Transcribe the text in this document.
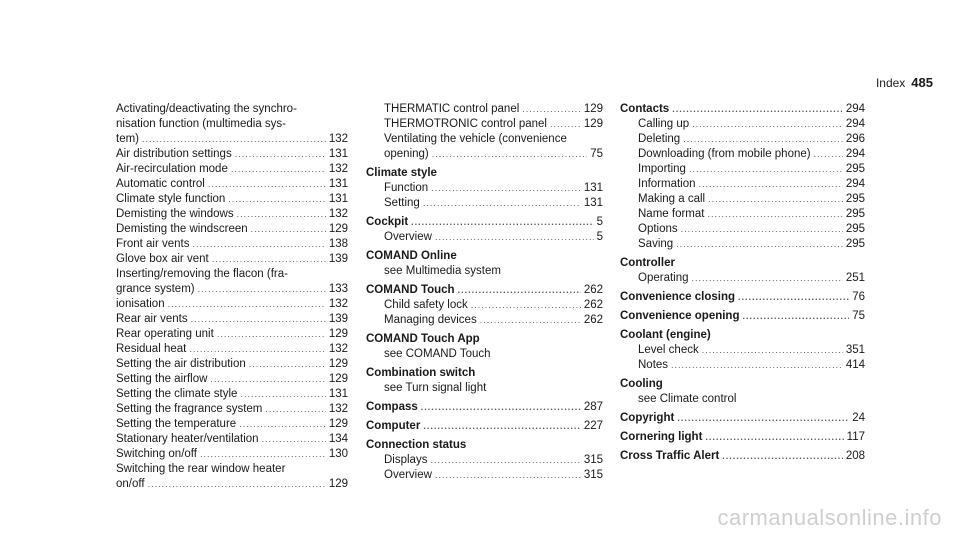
Index 485
Activating/deactivating the synchro‐
nisation function (multimedia sys‐
tem) .....	132
Air distribution settings .....	131
Air-recirculation mode .....	132
Automatic control .....	131
Climate style function .....	131
Demisting the windows .....	132
Demisting the windscreen .....	129
Front air vents .....	138
Glove box air vent .....	139
Inserting/removing the flacon (fra‐
grance system) .....	133
ionisation .....	132
Rear air vents .....	139
Rear operating unit .....	129
Residual heat .....	132
Setting the air distribution .....	129
Setting the airflow .....	129
Setting the climate style .....	131
Setting the fragrance system .....	132
Setting the temperature .....	129
Stationary heater/ventilation .....	134
Switching on/off .....	130
Switching the rear window heater
on/off .....	129
THERMATIC control panel .....	129
THERMOTRONIC control panel .....	129
Ventilating the vehicle (convenience
opening) .....	75
Climate style
Function .....	131
Setting .....	131
Cockpit .....	5
Overview .....	5
COMAND Online
see Multimedia system
COMAND Touch .....	262
Child safety lock .....	262
Managing devices .....	262
COMAND Touch App
see COMAND Touch
Combination switch
see Turn signal light
Compass .....	287
Computer .....	227
Connection status
Displays .....	315
Overview .....	315
Contacts .....	294
Calling up .....	294
Deleting .....	296
Downloading (from mobile phone) .....	294
Importing .....	295
Information .....	294
Making a call .....	295
Name format .....	295
Options .....	295
Saving .....	295
Controller
Operating .....	251
Convenience closing .....	76
Convenience opening .....	75
Coolant (engine)
Level check .....	351
Notes .....	414
Cooling
see Climate control
Copyright .....	24
Cornering light .....	117
Cross Traffic Alert .....	208
carmanualsonline.info
